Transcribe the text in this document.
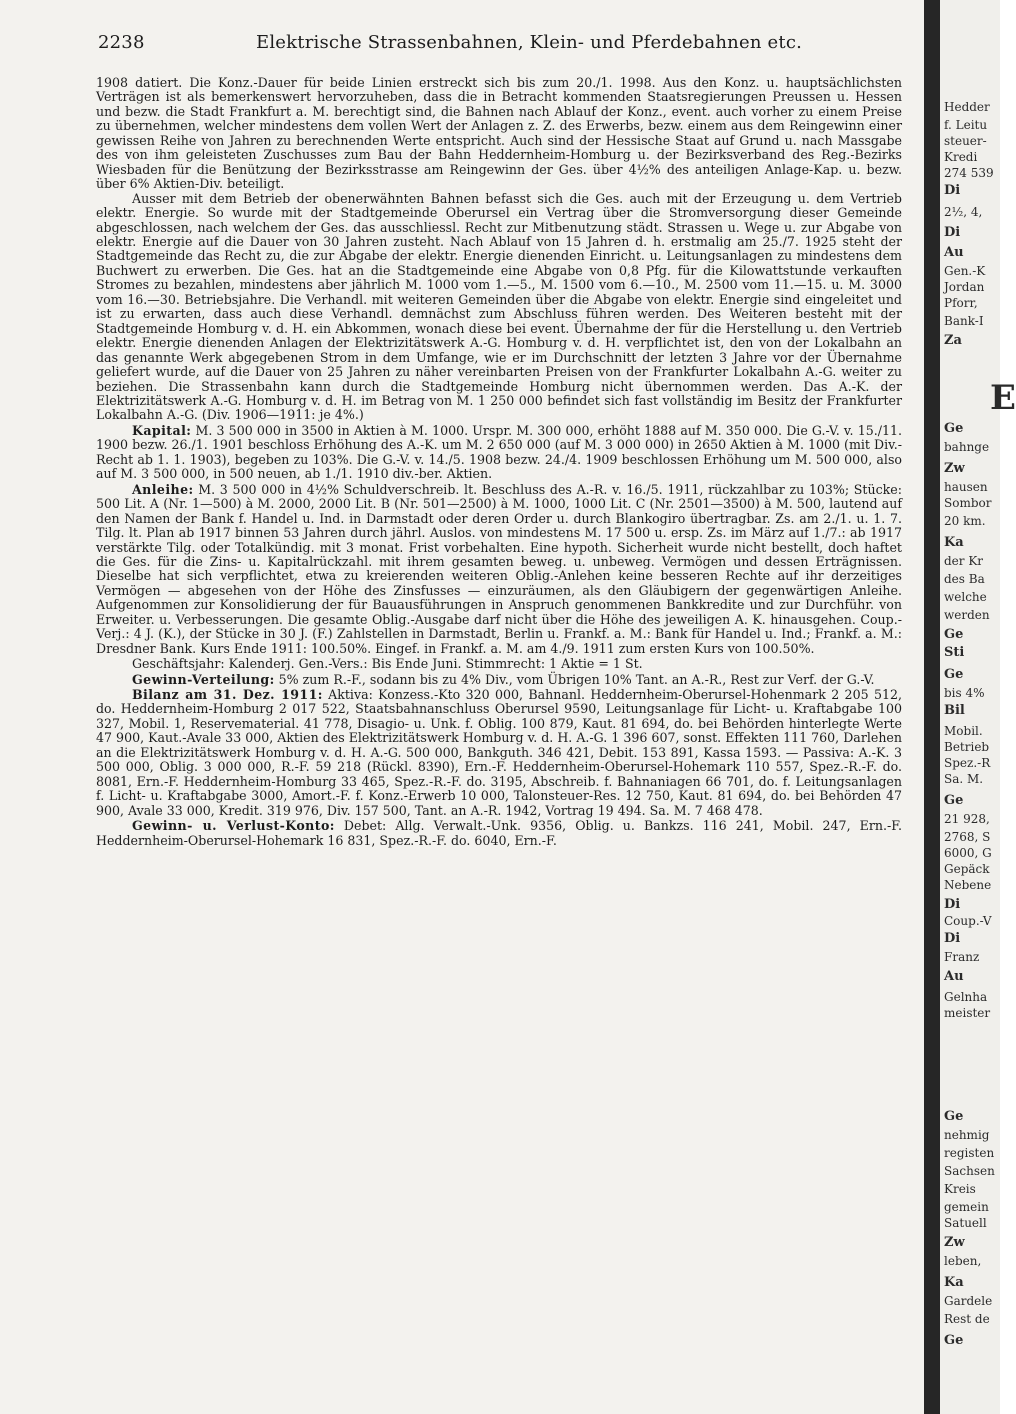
2238	Elektrische Strassenbahnen, Klein- und Pferdebahnen etc.

1908 datiert. Die Konz.-Dauer für beide Linien erstreckt sich bis zum 20./1. 1998. Aus den Konz. u. hauptsächlichsten Verträgen ist als bemerkenswert hervorzuheben, dass die in Betracht kommenden Staatsregierungen Preussen u. Hessen und bezw. die Stadt Frankfurt a. M. berechtigt sind, die Bahnen nach Ablauf der Konz., event. auch vorher zu einem Preise zu übernehmen, welcher mindestens dem vollen Wert der Anlagen z. Z. des Erwerbs, bezw. einem aus dem Reingewinn einer gewissen Reihe von Jahren zu berechnenden Werte entspricht. Auch sind der Hessische Staat auf Grund u. nach Massgabe des von ihm geleisteten Zuschusses zum Bau der Bahn Heddernheim-Homburg u. der Bezirksverband des Reg.-Bezirks Wiesbaden für die Benützung der Bezirksstrasse am Reingewinn der Ges. über 4½% des anteiligen Anlage-Kap. u. bezw. über 6% Aktien-Div. beteiligt.

Ausser mit dem Betrieb der obenerwähnten Bahnen befasst sich die Ges. auch mit der Erzeugung u. dem Vertrieb elektr. Energie. So wurde mit der Stadtgemeinde Oberursel ein Vertrag über die Stromversorgung dieser Gemeinde abgeschlossen, nach welchem der Ges. das ausschliessl. Recht zur Mitbenutzung städt. Strassen u. Wege u. zur Abgabe von elektr. Energie auf die Dauer von 30 Jahren zusteht. Nach Ablauf von 15 Jahren d. h. erstmalig am 25./7. 1925 steht der Stadtgemeinde das Recht zu, die zur Abgabe der elektr. Energie dienenden Einricht. u. Leitungsanlagen zu mindestens dem Buchwert zu erwerben. Die Ges. hat an die Stadtgemeinde eine Abgabe von 0,8 Pfg. für die Kilowattstunde verkauften Stromes zu bezahlen, mindestens aber jährlich M. 1000 vom 1.—5., M. 1500 vom 6.—10., M. 2500 vom 11.—15. u. M. 3000 vom 16.—30. Betriebsjahre. Die Verhandl. mit weiteren Gemeinden über die Abgabe von elektr. Energie sind eingeleitet und ist zu erwarten, dass auch diese Verhandl. demnächst zum Abschluss führen werden. Des Weiteren besteht mit der Stadtgemeinde Homburg v. d. H. ein Abkommen, wonach diese bei event. Übernahme der für die Herstellung u. den Vertrieb elektr. Energie dienenden Anlagen der Elektrizitätswerk A.-G. Homburg v. d. H. verpflichtet ist, den von der Lokalbahn an das genannte Werk abgegebenen Strom in dem Umfange, wie er im Durchschnitt der letzten 3 Jahre vor der Übernahme geliefert wurde, auf die Dauer von 25 Jahren zu näher vereinbarten Preisen von der Frankfurter Lokalbahn A.-G. weiter zu beziehen. Die Strassenbahn kann durch die Stadtgemeinde Homburg nicht übernommen werden. Das A.-K. der Elektrizitätswerk A.-G. Homburg v. d. H. im Betrag von M. 1 250 000 befindet sich fast vollständig im Besitz der Frankfurter Lokalbahn A.-G. (Div. 1906—1911: je 4%.)

Kapital: M. 3 500 000 in 3500 in Aktien à M. 1000. Urspr. M. 300 000, erhöht 1888 auf M. 350 000. Die G.-V. v. 15./11. 1900 bezw. 26./1. 1901 beschloss Erhöhung des A.-K. um M. 2 650 000 (auf M. 3 000 000) in 2650 Aktien à M. 1000 (mit Div.-Recht ab 1. 1. 1903), begeben zu 103%. Die G.-V. v. 14./5. 1908 bezw. 24./4. 1909 beschlossen Erhöhung um M. 500 000, also auf M. 3 500 000, in 500 neuen, ab 1./1. 1910 div.-ber. Aktien.

Anleihe: M. 3 500 000 in 4½% Schuldverschreib. lt. Beschluss des A.-R. v. 16./5. 1911, rückzahlbar zu 103%; Stücke: 500 Lit. A (Nr. 1—500) à M. 2000, 2000 Lit. B (Nr. 501—2500) à M. 1000, 1000 Lit. C (Nr. 2501—3500) à M. 500, lautend auf den Namen der Bank f. Handel u. Ind. in Darmstadt oder deren Order u. durch Blankogiro übertragbar. Zs. am 2./1. u. 1. 7. Tilg. lt. Plan ab 1917 binnen 53 Jahren durch jährl. Auslos. von mindestens M. 17 500 u. ersp. Zs. im März auf 1./7.: ab 1917 verstärkte Tilg. oder Totalkündig. mit 3 monat. Frist vorbehalten. Eine hypoth. Sicherheit wurde nicht bestellt, doch haftet die Ges. für die Zins- u. Kapitalrückzahl. mit ihrem gesamten beweg. u. unbeweg. Vermögen und dessen Erträgnissen. Dieselbe hat sich verpflichtet, etwa zu kreierenden weiteren Oblig.-Anlehen keine besseren Rechte auf ihr derzeitiges Vermögen — abgesehen von der Höhe des Zinsfusses — einzuräumen, als den Gläubigern der gegenwärtigen Anleihe. Aufgenommen zur Konsolidierung der für Bauausführungen in Anspruch genommenen Bankkredite und zur Durchführ. von Erweiter. u. Verbesserungen. Die gesamte Oblig.-Ausgabe darf nicht über die Höhe des jeweiligen A. K. hinausgehen. Coup.-Verj.: 4 J. (K.), der Stücke in 30 J. (F.) Zahlstellen in Darmstadt, Berlin u. Frankf. a. M.: Bank für Handel u. Ind.; Frankf. a. M.: Dresdner Bank. Kurs Ende 1911: 100.50%. Eingef. in Frankf. a. M. am 4./9. 1911 zum ersten Kurs von 100.50%.

Geschäftsjahr: Kalenderj. Gen.-Vers.: Bis Ende Juni. Stimmrecht: 1 Aktie = 1 St.

Gewinn-Verteilung: 5% zum R.-F., sodann bis zu 4% Div., vom Übrigen 10% Tant. an A.-R., Rest zur Verf. der G.-V.

Bilanz am 31. Dez. 1911: Aktiva: Konzess.-Kto 320 000, Bahnanl. Heddernheim-Oberursel-Hohenmark 2 205 512, do. Heddernheim-Homburg 2 017 522, Staatsbahnanschluss Oberursel 9590, Leitungsanlage für Licht- u. Kraftabgabe 100 327, Mobil. 1, Reservematerial. 41 778, Disagio- u. Unk. f. Oblig. 100 879, Kaut. 81 694, do. bei Behörden hinterlegte Werte 47 900, Kaut.-Avale 33 000, Aktien des Elektrizitätswerk Homburg v. d. H. A.-G. 1 396 607, sonst. Effekten 111 760, Darlehen an die Elektrizitätswerk Homburg v. d. H. A.-G. 500 000, Bankguth. 346 421, Debit. 153 891, Kassa 1593. — Passiva: A.-K. 3 500 000, Oblig. 3 000 000, R.-F. 59 218 (Rückl. 8390), Ern.-F. Heddernheim-Oberursel-Hohemark 110 557, Spez.-R.-F. do. 8081, Ern.-F. Heddernheim-Homburg 33 465, Spez.-R.-F. do. 3195, Abschreib. f. Bahnaniagen 66 701, do. f. Leitungsanlagen f. Licht- u. Kraftabgabe 3000, Amort.-F. f. Konz.-Erwerb 10 000, Talonsteuer-Res. 12 750, Kaut. 81 694, do. bei Behörden 47 900, Avale 33 000, Kredit. 319 976, Div. 157 500, Tant. an A.-R. 1942, Vortrag 19 494. Sa. M. 7 468 478.

Gewinn- u. Verlust-Konto: Debet: Allg. Verwalt.-Unk. 9356, Oblig. u. Bankzs. 116 241, Mobil. 247, Ern.-F. Heddernheim-Oberursel-Hohemark 16 831, Spez.-R.-F. do. 6040, Ern.-F.

Hedder
f. Leitu
steuer-
Kredi
274 539
Di
2½, 4,
Di
Au
Gen.-K
Jordan
Pforr,
Bank-I
Za
E
Ge
bahnge
Zw
hausen
Sombor
20 km.
Ka
der Kr
des Ba
welche
werden
Ge
Sti
Ge
bis 4%
Bil
Mobil.
Betrieb
Spez.-R
Sa. M.
Ge
21 928,
2768, S
6000, G
Gepäck
Nebene
Di
Coup.-V
Di
Franz
Au
Gelnha
meister
Ge
nehmig
registen
Sachsen
Kreis
gemein
Satuell
Zw
leben,
Ka
Gardele
Rest de
Ge
